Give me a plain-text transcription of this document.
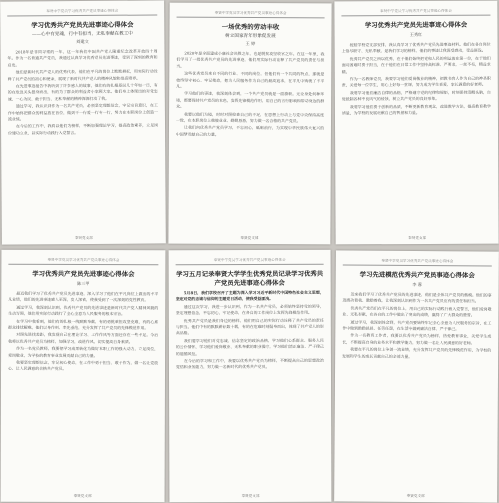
奉贤中学党员学习优秀共产党员事迹心得体会
学习优秀共产党员先进事迹心得体会
——心中有党魂，行中有担当，无私奉献在教工中
刘建文

2018年是非同寻常的一年，这一年我们中国共产党人隆重纪念改革开放四十周年。作为一名普通共产党员，我通过认真学习优秀党员先进事迹，受到了深刻的教育和启发。

他们是新时代共产党人的优秀代表，他们在平凡的岗位上默默耕耘，用实际行动诠释了共产党员的初心和使命，展现了新时代共产党人的精神风貌和崇高境界。

在先进事迹报告中我听到了许多感人的故事，他们有的扎根基层几十年如一日，有的在危急关头挺身而出，有的为了群众的利益舍小家顾大家。他们身上体现出的对党忠诚、一心为民、敢于担当、无私奉献的精神深深打动了我。

通过学习，我认识到作为一名共产党员，必须坚定理想信念，牢记宗旨意识，在工作中始终把群众的利益放在首位，做到干一行爱一行专一行，努力在本职岗位上创造一流业绩。

在今后的工作中，我将以他们为榜样，不断加强理论学习，提高政治素养，立足岗位建功立业，以实际行动践行入党誓言。

奉贤党支部
奉贤中学党员学习优秀共产党员事迹心得体会
一场优秀的劳动丰收
树立国家青年形象促发展
王 婷

2020年是全面建成小康社会决胜之年，也是脱贫攻坚收官之年。在这一年里，我们学习了一批优秀共产党员的先进事迹，他们用实际行动诠释了共产党员的责任与担当。

这些优秀党员来自不同的行业、不同的岗位，但他们有一个共同的特点，那就是始终坚守初心、牢记使命，把为人民服务作为自己的最高追求，在平凡中铸就了不平凡。

学习他们的事迹，我深刻体会到，一个共产党员就是一面旗帜。无论身处何种环境，都要保持共产党员的本色，发挥先锋模范作用，用自己的言行影响和带动身边的群众。

我要以他们为镜，时时对照检查自己的不足，在思想上行动上与党中央保持高度一致，在本职岗位上兢兢业业、勤勤恳恳，努力做一名合格的共产党员。

让我们向优秀共产党员学习，不忘初心，砥砺前行，为实现中华民族伟大复兴的中国梦贡献自己的力量。

奉贤党支部
奉贤中学党员学习优秀共产党员事迹心得体会
学习优秀共产党员先进事迹心得体会
王秀红

按照学校党支部安排，我认真学习了优秀共产党员先进事迹材料。他们在各自岗位上恪尽职守、无私奉献，是我们学习的榜样，他们的事迹让我深受感动，受益匪浅。

优秀共产党员之所以优秀，在于他们始终把党和人民的利益放在第一位，在于他们面对困难时勇于担当，在于他们在日常工作中坚持高标准、严要求，一丝不苟，精益求精。

作为一名教师党员，我要学习他们爱岗敬业的精神，把教书育人作为自己的神圣职责，关爱每一位学生，用心上好每一堂课，努力成为学生喜爱、家长满意的好老师。

我要学习他们廉洁自律的品格，严格遵守党的纪律和规矩，时刻保持清醒头脑，自觉抵制各种不良风气的侵蚀，树立共产党员的良好形象。

我要学习他们勇于创新的品质，不断更新教育观念，改进教学方法，提高教育教学质量，为学校的发展贡献自己的智慧和力量。

奉贤党支部
奉贤中学党员学习优秀共产党员事迹心得体会
学习优秀共产党员先进事迹心得体会
陈三甲

最近我们学习了优秀共产党员先进事迹，深入学习了他们在平凡岗位上做出的不平凡业绩，他们的先进事迹感人至深，发人深省，使我受到了一次深刻的党性教育。

通过学习，我深刻认识到，优秀共产党员的先进事迹是新时代共产党人精神风貌的生动写照，他们用实际行动践行了全心全意为人民服务的根本宗旨。

在学习中我看到，他们有的扎根一线默默奉献，有的勇挑重担攻坚克难，有的心系群众排忧解难。他们以身作则、率先垂范，充分发挥了共产党员的先锋模范作用。

对照先进找差距，我发现自己在理论学习、工作作风等方面还存在一些不足。今后我将以优秀共产党员为榜样，加强学习，改进作风，切实提高自身素质。

作为一名党员教师，我要把学习成果转化为做好本职工作的强大动力，立足岗位，爱岗敬业，为学校的教育事业发展贡献自己的力量。

我要坚定理想信念，牢记初心使命，在工作中勇于担当、敢于作为，做一名让党放心、让人民满意的合格共产党员。

奉贤党支部
奉贤中学党员学习优秀共产党员事迹心得体会
学习五月记录奉贤大学学生优秀党员记录学习优秀共产党员先进事迹心得体会

5月8日，我们学校召开了主题为深入学习习近平新时代中国特色社会主义思想，坚定对党的忠诚与信仰的主题党日活动，使我受益匪浅。

通过这次学习，我进一步认识到，作为一名共产党员，必须始终坚持党的领导，坚定理想信念，不忘初心，牢记使命，在各自的工作岗位上发挥先锋模范作用。

优秀共产党员是我们身边的榜样，他们用自己的实际行动诠释了共产党员的责任与担当。他们中有的默默耕耘数十载，有的在危难时刻挺身而出，体现了共产党人的崇高品格。

我们要学习他们对党忠诚、信念坚定的政治品格，学习他们心系群众、服务人民的公仆情怀，学习他们爱岗敬业、无私奉献的职业操守，学习他们清正廉洁、严于律己的道德风范。

在今后的学习和工作中，我要以优秀共产党员为榜样，不断提高自己的思想政治觉悟和业务能力，努力做一名新时代的优秀共产党员。

奉贤党支部
奉贤中学党员学习优秀共产党员事迹心得体会
学习先进模范优秀共产党员事迹心得体会
李 蓉

近来我们学习了优秀共产党员的先进事迹，他们是全体共产党员的楷模。他们的事迹感动着我、激励着我，让我深刻认识到作为一名共产党员应有的责任和担当。

优秀共产党员们在平凡的岗位上，用自己的实际行动践行着入党誓言，他们爱岗敬业、无私奉献，在各自的工作中做出了突出的成绩，赢得了广大群众的赞誉。

通过学习，我深刻体会到，共产党员要始终牢记全心全意为人民服务的宗旨，在工作中做到勤勤恳恳、任劳任怨，在生活中做到廉洁自律、严于律己。

作为一名教育工作者，我要以优秀共产党员为榜样，热爱教育事业，关爱学生成长，不断提高自身的业务水平和教学能力，努力做一名让人民满意的好老师。

我要在平凡的岗位上争创一流业绩，充分发挥共产党员的先锋模范作用，为学校的发展和学生的成长贡献自己的全部力量。

奉贤党支部
